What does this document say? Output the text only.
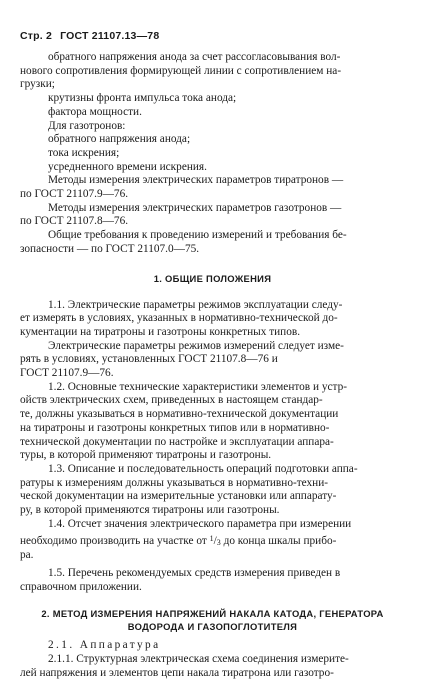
Стр. 2 ГОСТ 21107.13—78

обратного напряжения анода за счет рассогласовывания вол-

нового сопротивления формирующей линии с сопротивлением на-

грузки;

крутизны фронта импульса тока анода;

фактора мощности.

Для газотронов:

обратного напряжения анода;

тока искрения;

усредненного времени искрения.

Методы измерения электрических параметров тиратронов —

по ГОСТ 21107.9—76.

Методы измерения электрических параметров газотронов —

по ГОСТ 21107.8—76.

Общие требования к проведению измерений и требования бе-

зопасности — по ГОСТ 21107.0—75.

1. ОБЩИЕ ПОЛОЖЕНИЯ

1.1. Электрические параметры режимов эксплуатации следу-

ет измерять в условиях, указанных в нормативно-технической до-

кументации на тиратроны и газотроны конкретных типов.

Электрические параметры режимов измерений следует изме-

рять в условиях, установленных ГОСТ 21107.8—76 и

ГОСТ 21107.9—76.

1.2. Основные технические характеристики элементов и устр-

ойств электрических схем, приведенных в настоящем стандар-

те, должны указываться в нормативно-технической документации

на тиратроны и газотроны конкретных типов или в нормативно-

технической документации по настройке и эксплуатации аппара-

туры, в которой применяют тиратроны и газотроны.

1.3. Описание и последовательность операций подготовки аппа-

ратуры к измерениям должны указываться в нормативно-техни-

ческой документации на измерительные установки или аппарату-

ру, в которой применяются тиратроны или газотроны.

1.4. Отсчет значения электрического параметра при измерении

необходимо производить на участке от $^1$/3 до конца шкалы прибо-

ра.

1.5. Перечень рекомендуемых средств измерения приведен в

справочном приложении.

2. МЕТОД ИЗМЕРЕНИЯ НАПРЯЖЕНИЙ НАКАЛА КАТОДА, ГЕНЕРАТОРА
ВОДОРОДА И ГАЗОПОГЛОТИТЕЛЯ

2.1. Аппаратура

2.1.1. Структурная электрическая схема соединения измерите-

лей напряжения и элементов цепи накала тиратрона или газотро-
